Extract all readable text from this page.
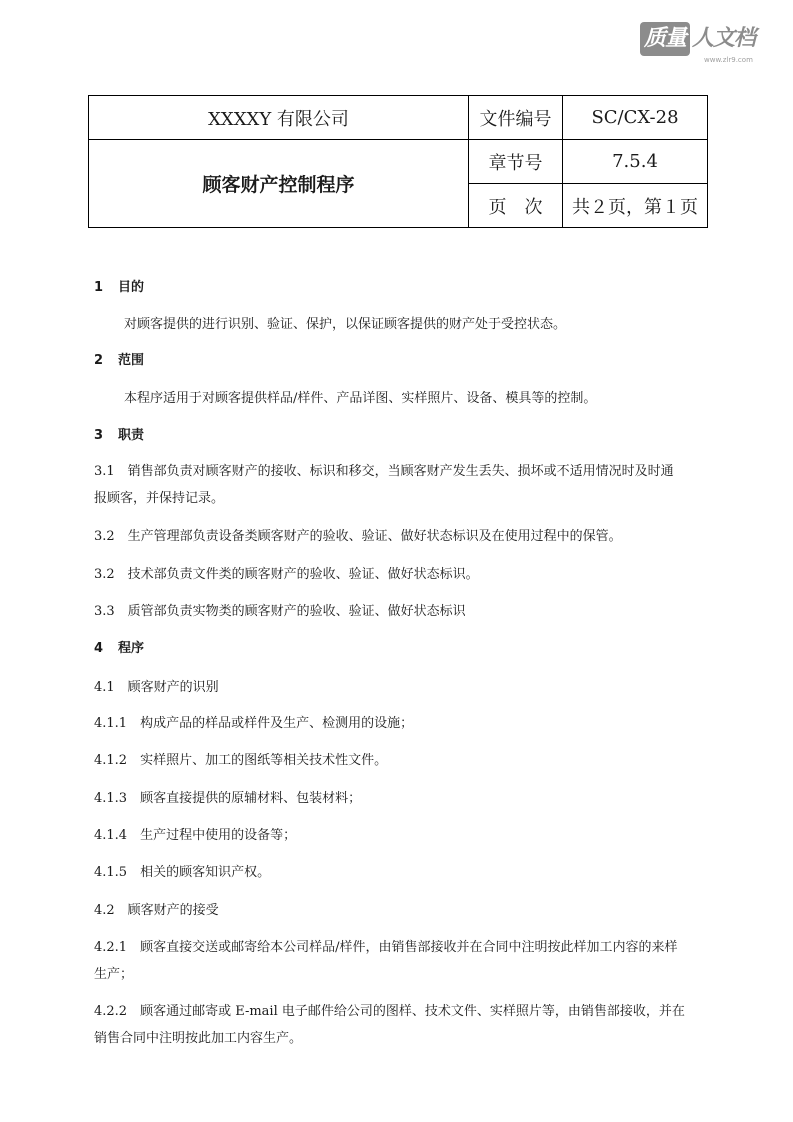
质量 人文档
www.zlr9.com
XXXXY 有限公司	文件编号	SC/CX-28
顾客财产控制程序	章节号	7.5.4
	页　次	共２页，第１页
1 目的
对顾客提供的进行识别、验证、保护，以保证顾客提供的财产处于受控状态。
2 范围
本程序适用于对顾客提供样品/样件、产品详图、实样照片、设备、模具等的控制。
3 职责
3.1　销售部负责对顾客财产的接收、标识和移交，当顾客财产发生丢失、损坏或不适用情况时及时通
报顾客，并保持记录。
3.2　生产管理部负责设备类顾客财产的验收、验证、做好状态标识及在使用过程中的保管。
3.2　技术部负责文件类的顾客财产的验收、验证、做好状态标识。
3.3　质管部负责实物类的顾客财产的验收、验证、做好状态标识
4 程序
4.1　顾客财产的识别
4.1.1　构成产品的样品或样件及生产、检测用的设施；
4.1.2　实样照片、加工的图纸等相关技术性文件。
4.1.3　顾客直接提供的原辅材料、包装材料；
4.1.4　生产过程中使用的设备等；
4.1.5　相关的顾客知识产权。
4.2　顾客财产的接受
4.2.1　顾客直接交送或邮寄给本公司样品/样件，由销售部接收并在合同中注明按此样加工内容的来样
生产；
4.2.2　顾客通过邮寄或 E-mail 电子邮件给公司的图样、技术文件、实样照片等，由销售部接收，并在
销售合同中注明按此加工内容生产。
